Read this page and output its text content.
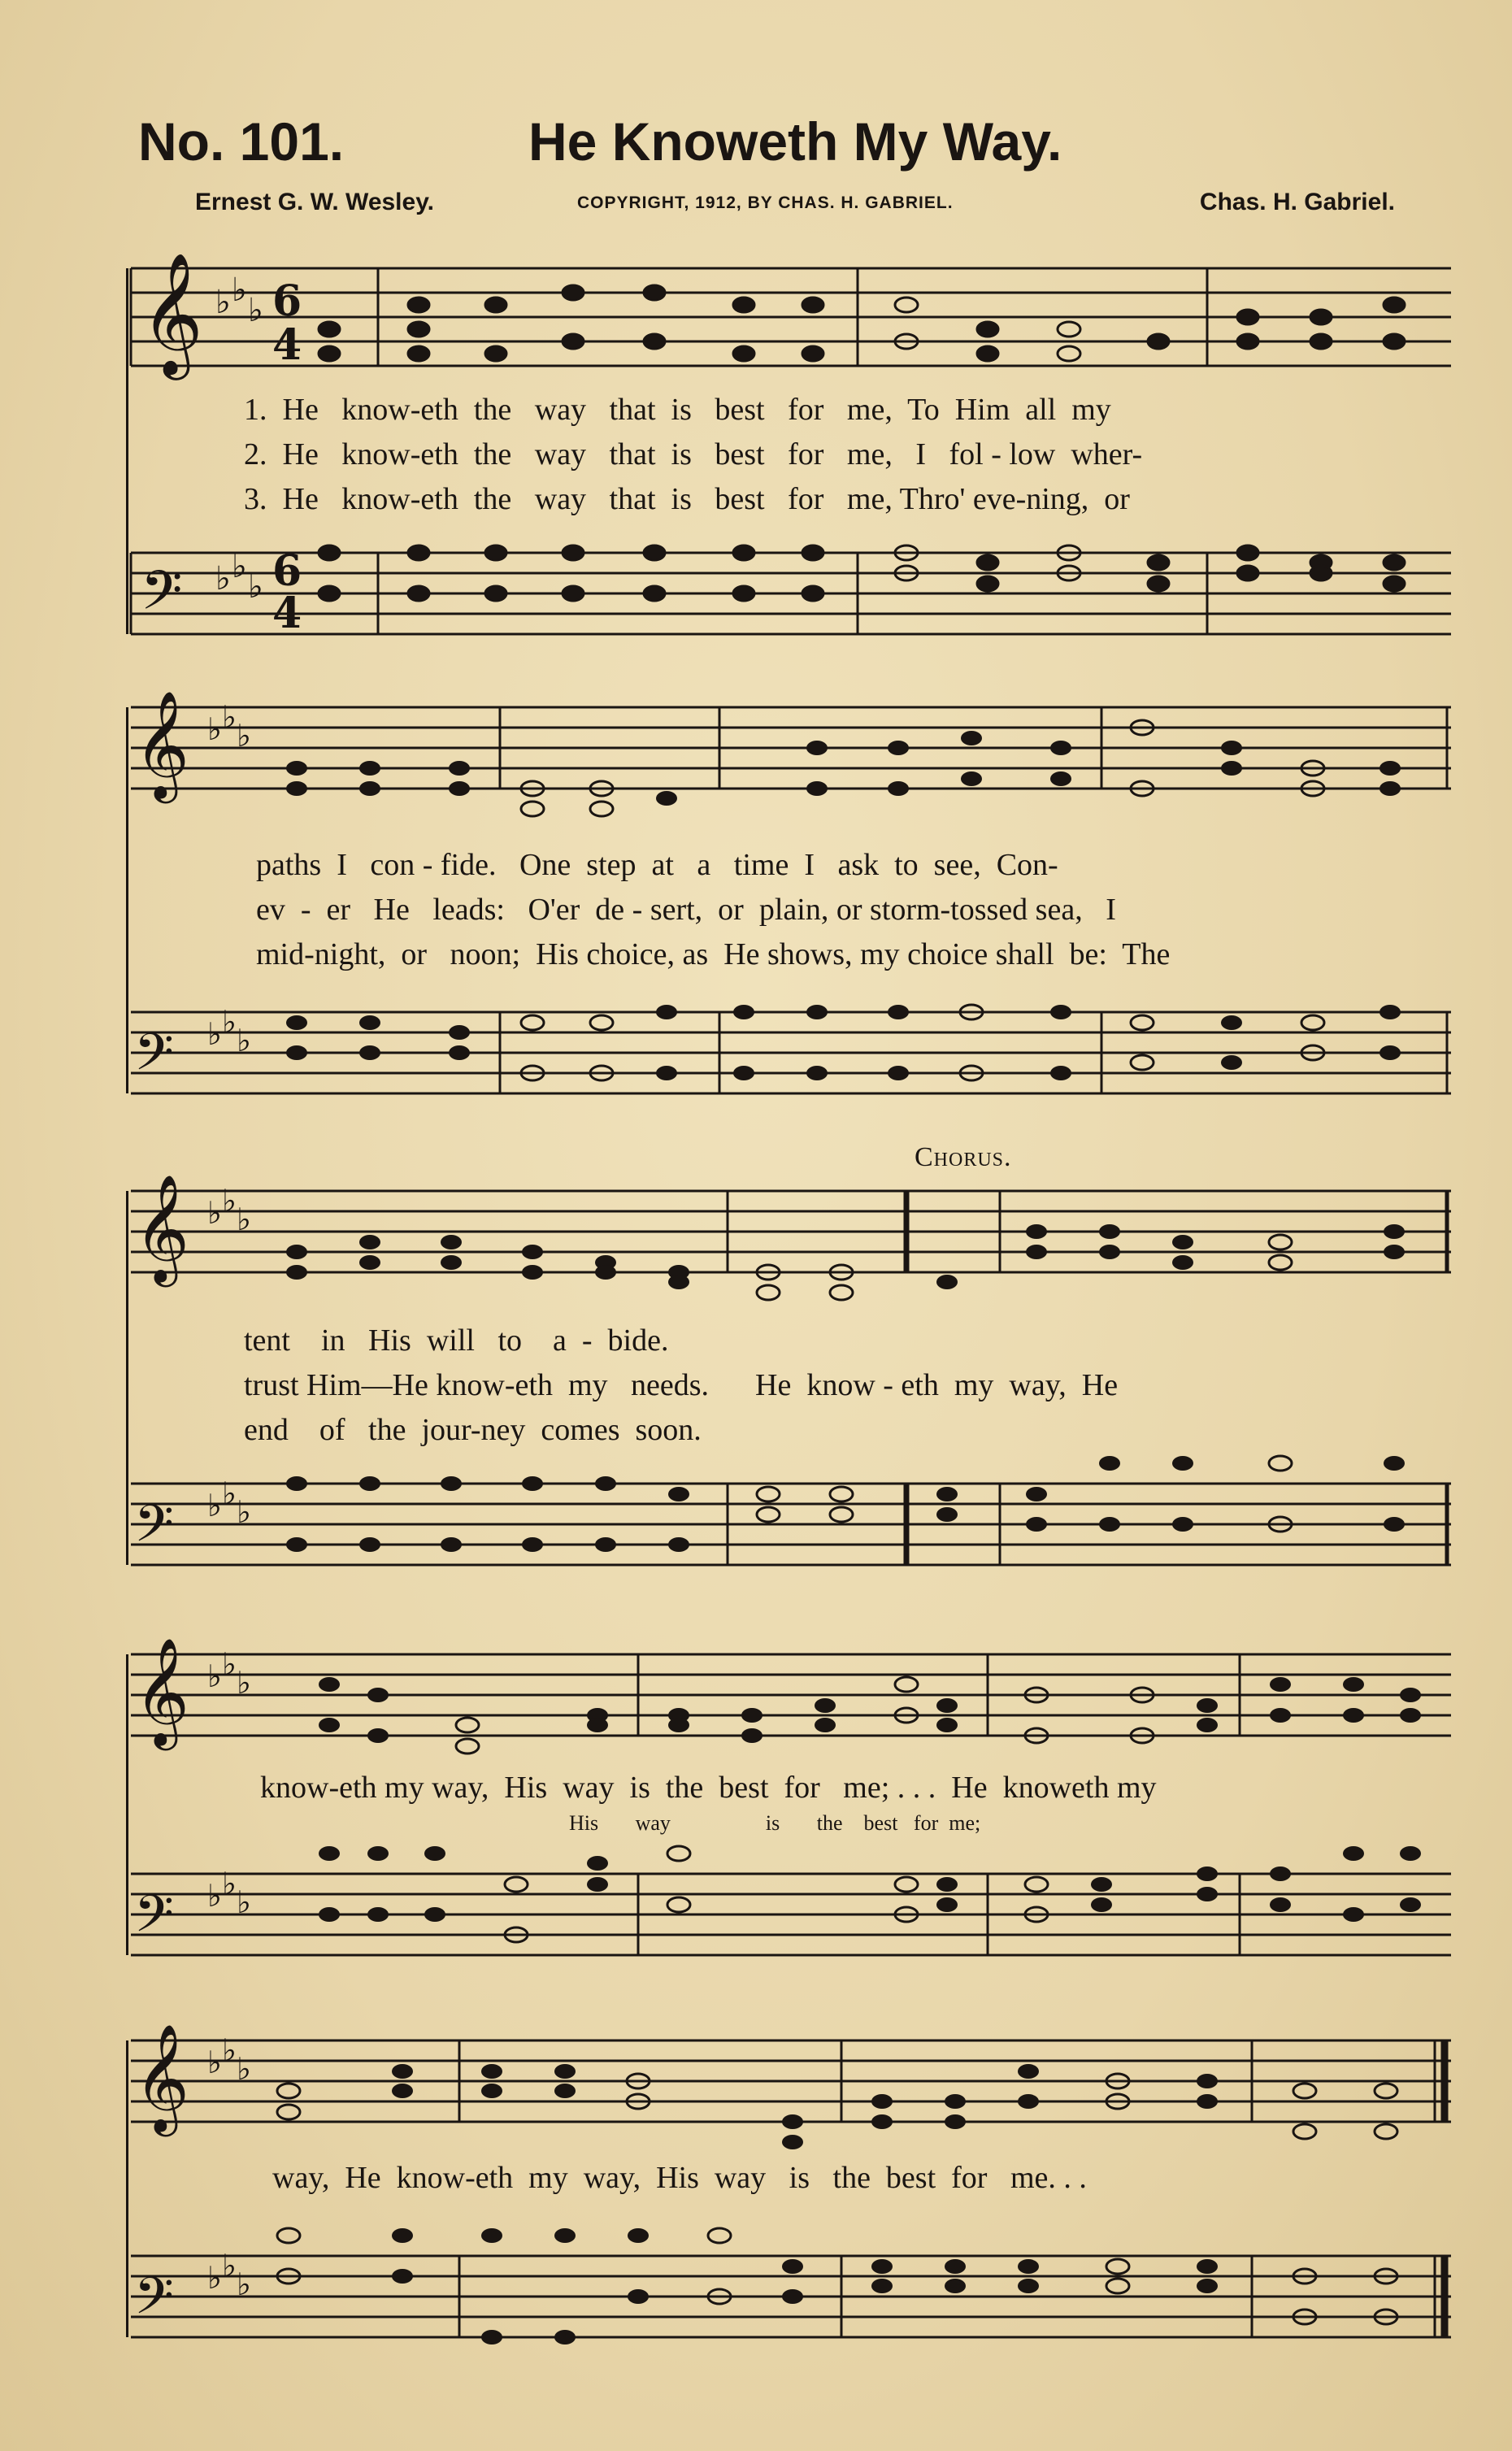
No. 101.	He Knoweth My Way.
Ernest G. W. Wesley.	COPYRIGHT, 1912, BY CHAS. H. GABRIEL.	Chas. H. Gabriel.
𝄞
𝄢
♭ ♭
♭
♭ ♭
♭
6
4
6
4
1.  He   know-eth  the   way   that  is   best   for   me,  To  Him  all  my
2.  He   know-eth  the   way   that  is   best   for   me,   I   fol - low  wher-
3.  He   know-eth  the   way   that  is   best   for   me, Thro' eve-ning,  or
𝄞
𝄢
♭ ♭
♭
♭ ♭
♭
paths  I   con - fide.   One  step  at   a   time  I   ask  to  see,  Con-
ev  -  er   He   leads:   O'er  de - sert,  or  plain, or storm-tossed sea,   I
mid-night,  or   noon;  His choice, as  He shows, my choice shall  be:  The
𝄞
𝄢
♭ ♭
♭
♭ ♭
♭
Chorus.
tent    in   His  will   to    a  -  bide.
trust Him—He know-eth  my   needs.      He  know - eth  my  way,  He
end    of   the  jour-ney  comes  soon.
𝄞
𝄢
♭ ♭
♭
♭ ♭
♭
know-eth my way,  His  way  is  the  best  for   me; . . .  He  knoweth my
His       way                  is       the    best   for  me;
𝄞
𝄢
♭ ♭
♭
♭ ♭
♭
way,  He  know-eth  my  way,  His  way   is   the  best  for   me. . .
